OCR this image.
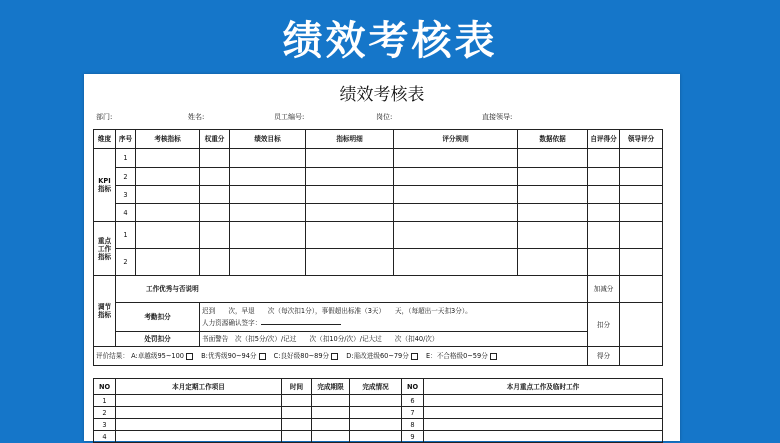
绩效考核表
绩效考核表
部门:	姓名:	员工编号:	岗位:	直接领导:
维度	序号	考核指标	权重分	绩效目标	指标明细	评分规则	数据依据	自评得分	领导评分
KPI指标	1								
	2								
	3								
	4								
重点工作指标	1								
	2								
调节指标	工作优秀与否说明							加减分	
	考勤扣分		迟到　　次，早退　　次（每次扣1分），事假超出标准（3天）　　天，（每超出一天扣3分）。
人力资源确认签字：					扣分	
	处罚扣分		书面警告　次（扣5分/次）/记过　　次（扣10分/次）/记大过　　次（扣40/次）						
评价结果： A:卓越级95~100 B:优秀级90~94分 C:良好级80~89分 D:需改进级60~79分 E：不合格级0~59分								得分	
NO	本月定期工作项目	时间	完成期限	完成情况	NO	本月重点工作及临时工作
1					6	
2					7	
3					8	
4					9	
